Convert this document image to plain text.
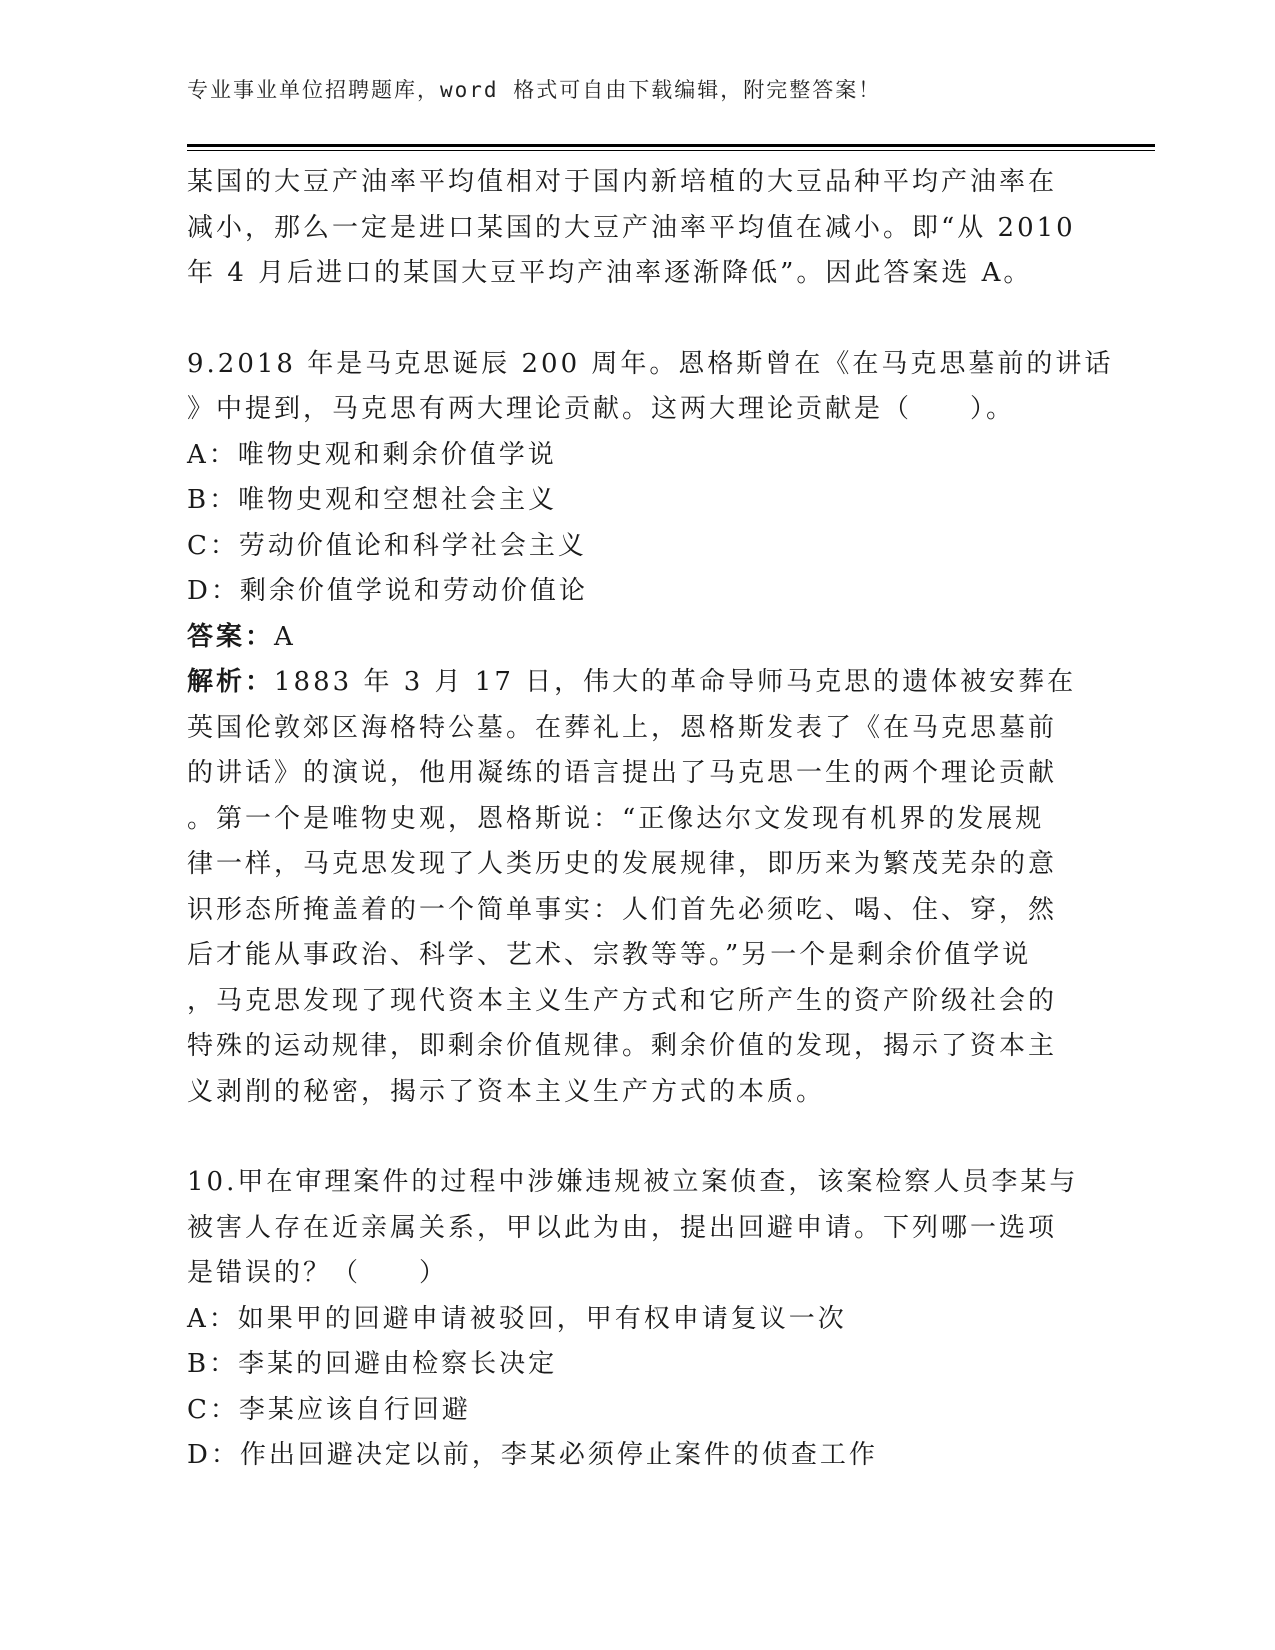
专业事业单位招聘题库，word 格式可自由下载编辑，附完整答案！
某国的大豆产油率平均值相对于国内新培植的大豆品种平均产油率在
减小，那么一定是进口某国的大豆产油率平均值在减小。即“从 2010
年 4 月后进口的某国大豆平均产油率逐渐降低”。因此答案选 A。
9.2018 年是马克思诞辰 200 周年。恩格斯曾在《在马克思墓前的讲话
》中提到，马克思有两大理论贡献。这两大理论贡献是（　　）。
A：唯物史观和剩余价值学说
B：唯物史观和空想社会主义
C：劳动价值论和科学社会主义
D：剩余价值学说和劳动价值论
答案：A
解析：1883 年 3 月 17 日，伟大的革命导师马克思的遗体被安葬在
英国伦敦郊区海格特公墓。在葬礼上，恩格斯发表了《在马克思墓前
的讲话》的演说，他用凝练的语言提出了马克思一生的两个理论贡献
。第一个是唯物史观，恩格斯说：“正像达尔文发现有机界的发展规
律一样，马克思发现了人类历史的发展规律，即历来为繁茂芜杂的意
识形态所掩盖着的一个简单事实：人们首先必须吃、喝、住、穿，然
后才能从事政治、科学、艺术、宗教等等。”另一个是剩余价值学说
，马克思发现了现代资本主义生产方式和它所产生的资产阶级社会的
特殊的运动规律，即剩余价值规律。剩余价值的发现，揭示了资本主
义剥削的秘密，揭示了资本主义生产方式的本质。
10.甲在审理案件的过程中涉嫌违规被立案侦查，该案检察人员李某与
被害人存在近亲属关系，甲以此为由，提出回避申请。下列哪一选项
是错误的？（　　）
A：如果甲的回避申请被驳回，甲有权申请复议一次
B：李某的回避由检察长决定
C：李某应该自行回避
D：作出回避决定以前，李某必须停止案件的侦查工作
